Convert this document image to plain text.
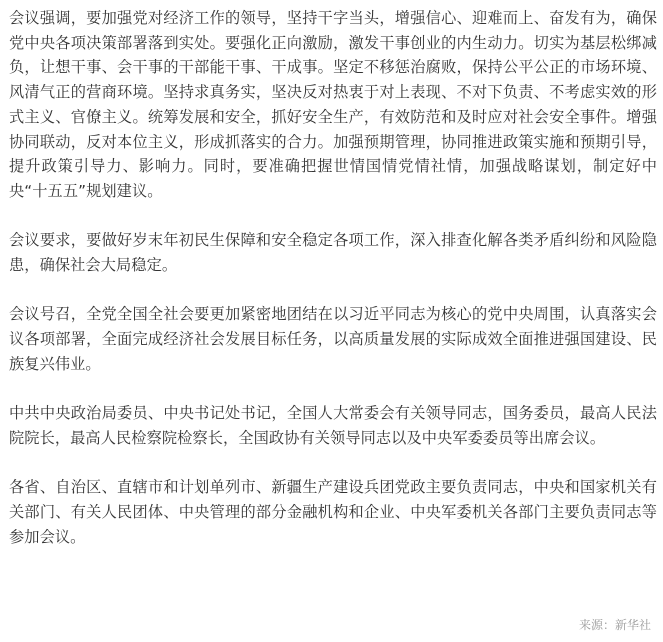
会议强调，要加强党对经济工作的领导，坚持干字当头，增强信心、迎难而上、奋发有为，确保党中央各项决策部署落到实处。要强化正向激励，激发干事创业的内生动力。切实为基层松绑减负，让想干事、会干事的干部能干事、干成事。坚定不移惩治腐败，保持公平公正的市场环境、风清气正的营商环境。坚持求真务实，坚决反对热衷于对上表现、不对下负责、不考虑实效的形式主义、官僚主义。统筹发展和安全，抓好安全生产，有效防范和及时应对社会安全事件。增强协同联动，反对本位主义，形成抓落实的合力。加强预期管理，协同推进政策实施和预期引导，提升政策引导力、影响力。同时，要准确把握世情国情党情社情，加强战略谋划，制定好中央“十五五”规划建议。

会议要求，要做好岁末年初民生保障和安全稳定各项工作，深入排查化解各类矛盾纠纷和风险隐患，确保社会大局稳定。

会议号召，全党全国全社会要更加紧密地团结在以习近平同志为核心的党中央周围，认真落实会议各项部署，全面完成经济社会发展目标任务，以高质量发展的实际成效全面推进强国建设、民族复兴伟业。

中共中央政治局委员、中央书记处书记，全国人大常委会有关领导同志，国务委员，最高人民法院院长，最高人民检察院检察长，全国政协有关领导同志以及中央军委委员等出席会议。

各省、自治区、直辖市和计划单列市、新疆生产建设兵团党政主要负责同志，中央和国家机关有关部门、有关人民团体、中央管理的部分金融机构和企业、中央军委机关各部门主要负责同志等参加会议。

来源：新华社
